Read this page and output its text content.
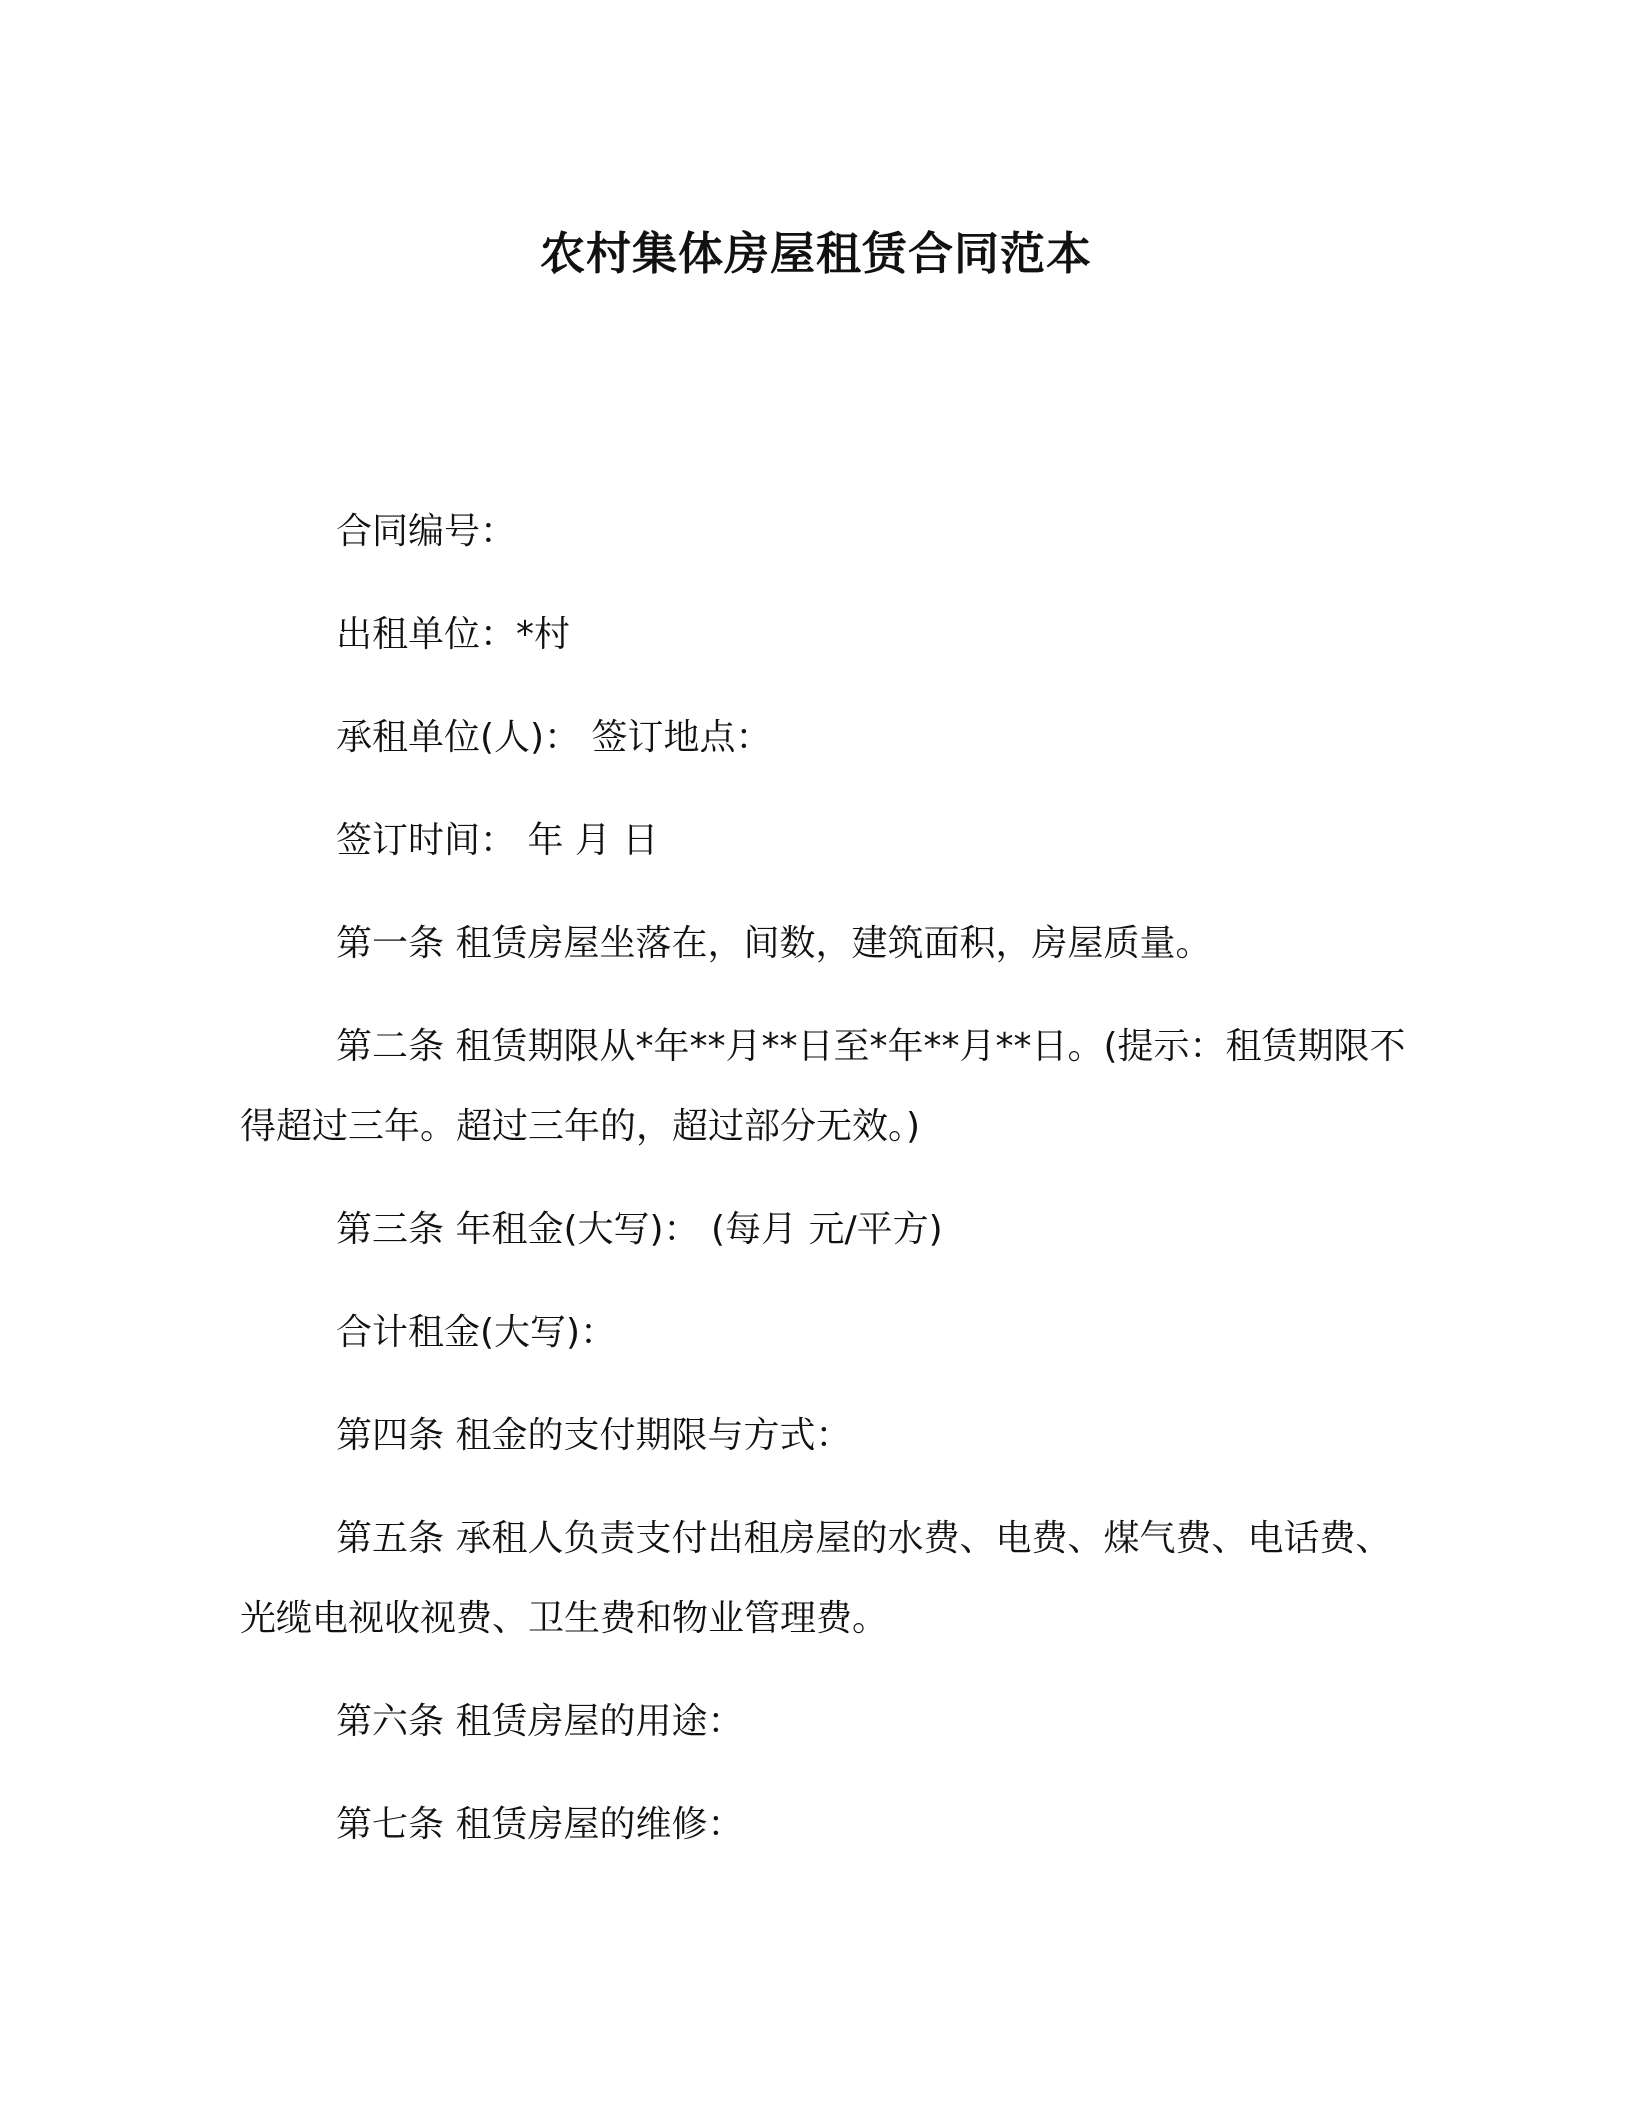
农村集体房屋租赁合同范本

合同编号：

出租单位：*村

承租单位(人)： 签订地点：

签订时间： 年 月 日

第一条 租赁房屋坐落在，间数，建筑面积，房屋质量。

第二条 租赁期限从*年**月**日至*年**月**日。(提示：租赁期限不得超过三年。超过三年的，超过部分无效。)

第三条 年租金(大写)： (每月 元/平方)

合计租金(大写)：

第四条 租金的支付期限与方式：

第五条 承租人负责支付出租房屋的水费、电费、煤气费、电话费、光缆电视收视费、卫生费和物业管理费。

第六条 租赁房屋的用途：

第七条 租赁房屋的维修：
